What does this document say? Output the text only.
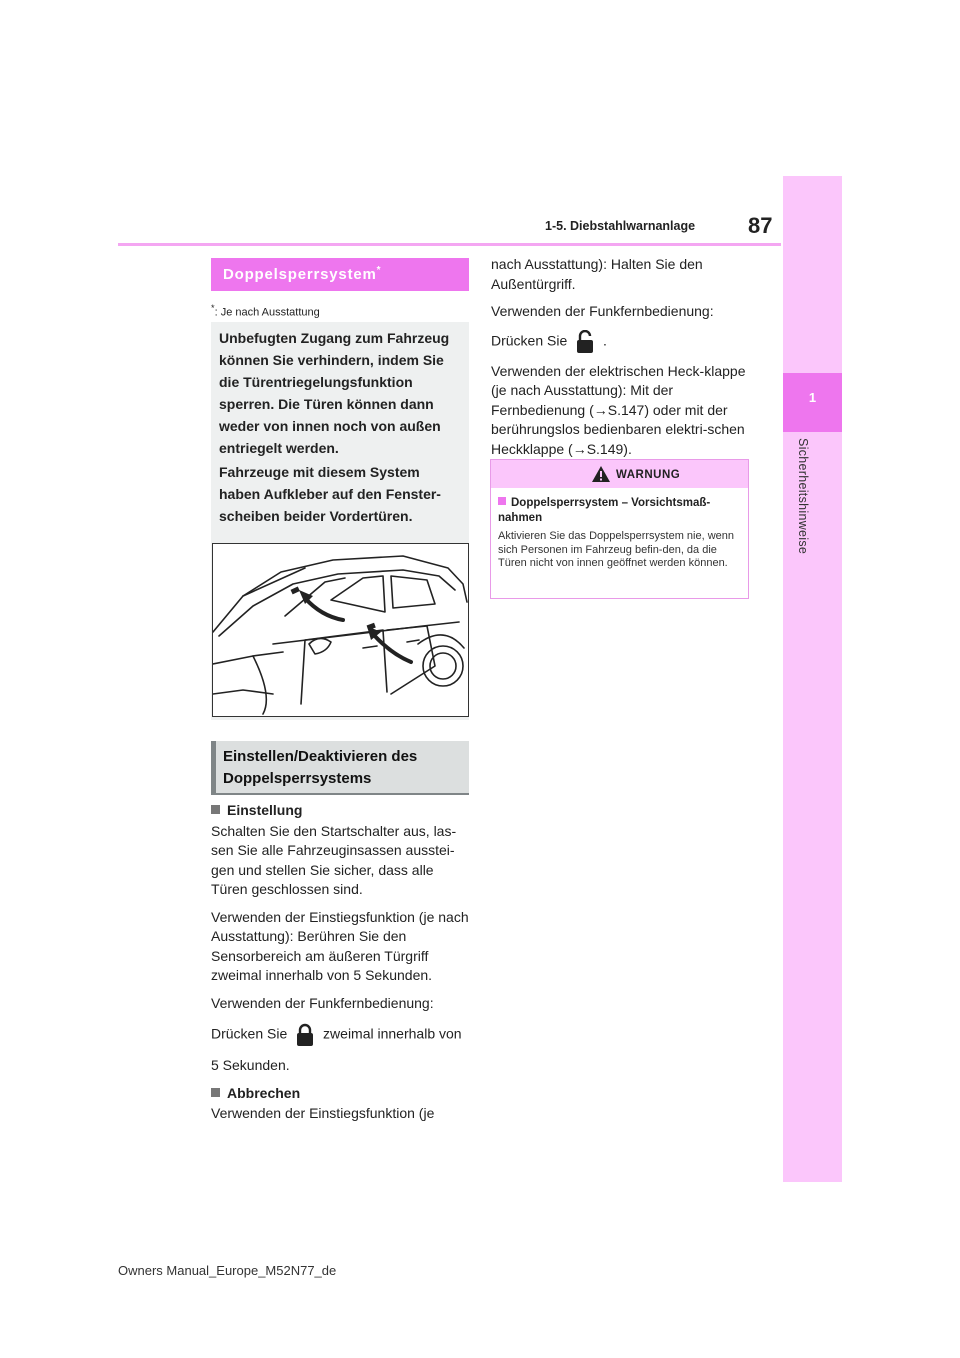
1-5. Diebstahlwarnanlage 87
1
Sicherheitshinweise
Doppelsperrsystem*
*: Je nach Ausstattung

Unbefugten Zugang zum Fahrzeug können Sie verhindern, indem Sie die Türentriegelungsfunktion sperren. Die Türen können dann weder von innen noch von außen entriegelt werden.

Fahrzeuge mit diesem System haben Aufkleber auf den Fenster-scheiben beider Vordertüren.

Einstellen/Deaktivieren des Doppelsperrsystems
Einstellung
Schalten Sie den Startschalter aus, las-sen Sie alle Fahrzeuginsassen ausstei-gen und stellen Sie sicher, dass alle Türen geschlossen sind.
Verwenden der Einstiegsfunktion (je nach Ausstattung): Berühren Sie den Sensorbereich am äußeren Türgriff zweimal innerhalb von 5 Sekunden.
Verwenden der Funkfernbedienung:
Drücken Sie	zweimal innerhalb von
5 Sekunden.
Abbrechen
Verwenden der Einstiegsfunktion (je
nach Ausstattung): Halten Sie den Außentürgriff.
Verwenden der Funkfernbedienung:
Drücken Sie	.
Verwenden der elektrischen Heck-klappe (je nach Ausstattung): Mit der Fernbedienung (→S.147) oder mit der berührungslos bedienbaren elektri-schen Heckklappe (→S.149).
WARNUNG
Doppelsperrsystem – Vorsichtsmaß-nahmen
Aktivieren Sie das Doppelsperrsystem nie, wenn sich Personen im Fahrzeug befin-den, da die Türen nicht von innen geöffnet werden können.
Owners Manual_Europe_M52N77_de
